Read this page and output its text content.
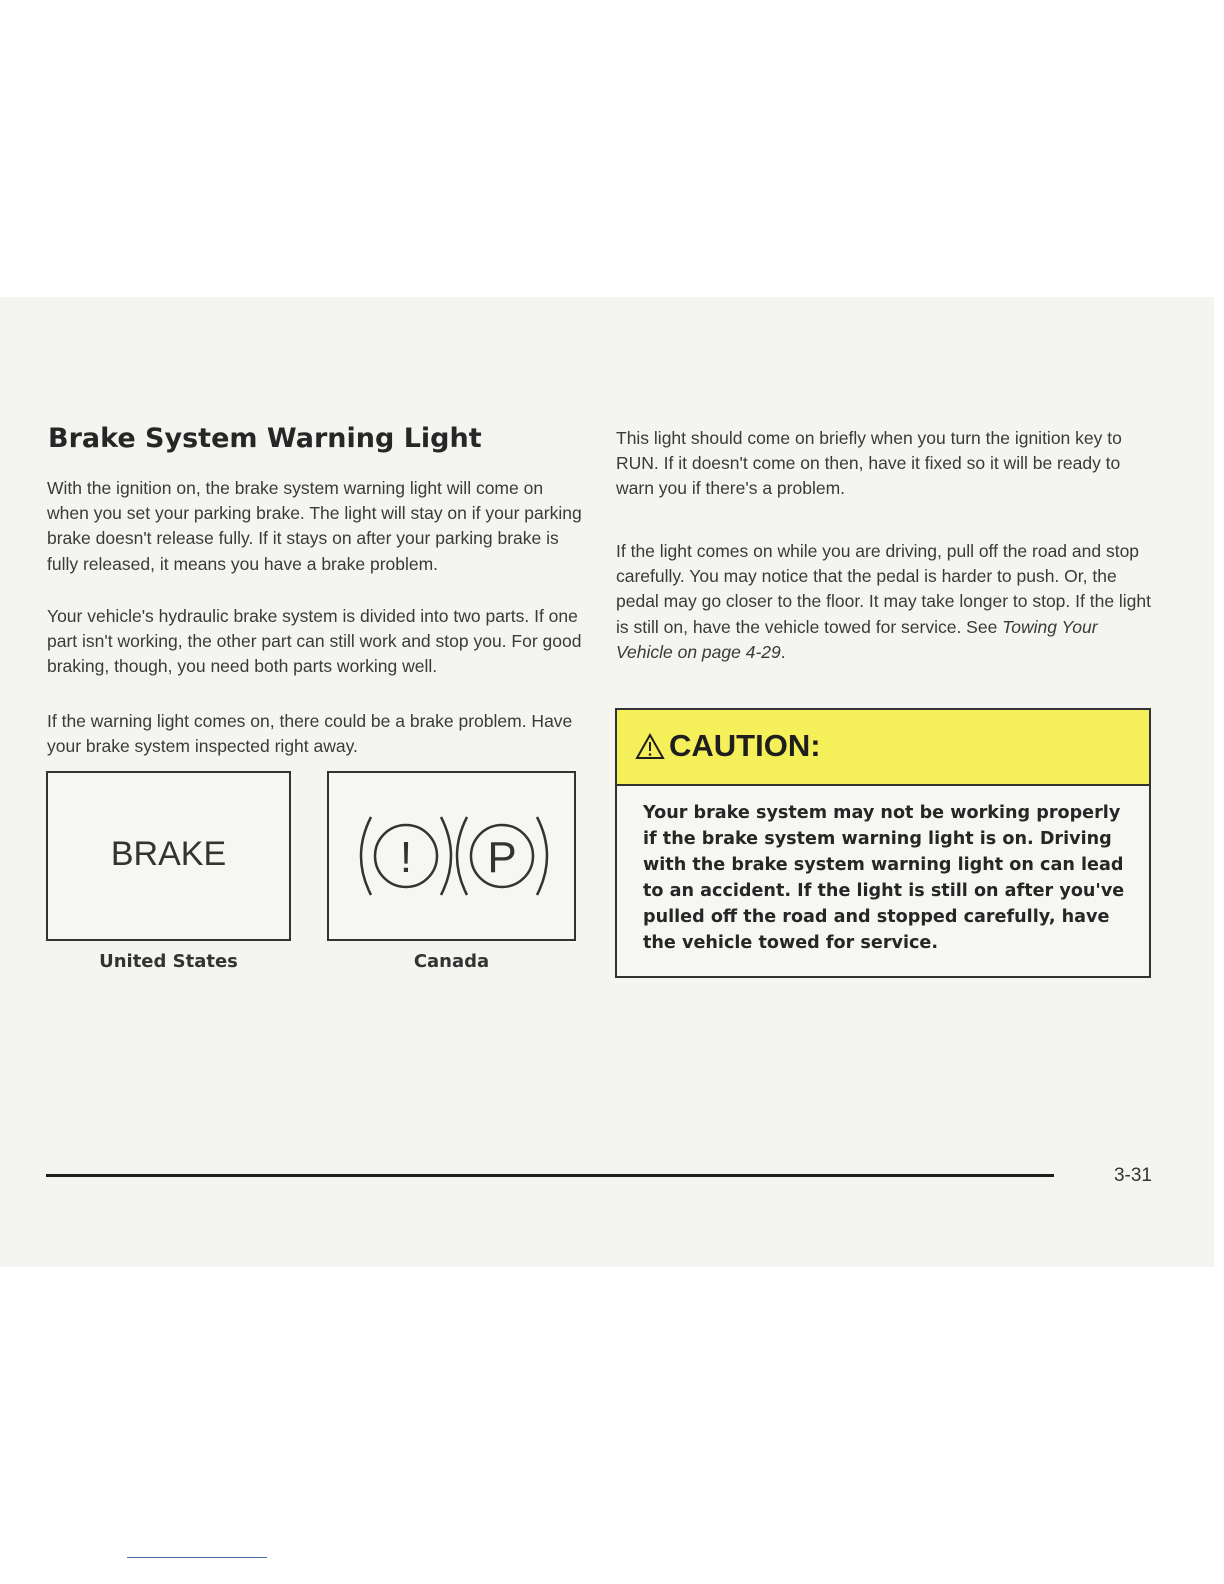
Brake System Warning Light

With the ignition on, the brake system warning light will come on when you set your parking brake. The light will stay on if your parking brake doesn't release fully. If it stays on after your parking brake is fully released, it means you have a brake problem.

Your vehicle's hydraulic brake system is divided into two parts. If one part isn't working, the other part can still work and stop you. For good braking, though, you need both parts working well.

If the warning light comes on, there could be a brake problem. Have your brake system inspected right away.

BRAKE	! P
United States	Canada

This light should come on briefly when you turn the ignition key to RUN. If it doesn't come on then, have it fixed so it will be ready to warn you if there's a problem.

If the light comes on while you are driving, pull off the road and stop carefully. You may notice that the pedal is harder to push. Or, the pedal may go closer to the floor. It may take longer to stop. If the light is still on, have the vehicle towed for service. See Towing Your Vehicle on page 4-29.

CAUTION:

Your brake system may not be working properly if the brake system warning light is on. Driving with the brake system warning light on can lead to an accident. If the light is still on after you've pulled off the road and stopped carefully, have the vehicle towed for service.

3-31
